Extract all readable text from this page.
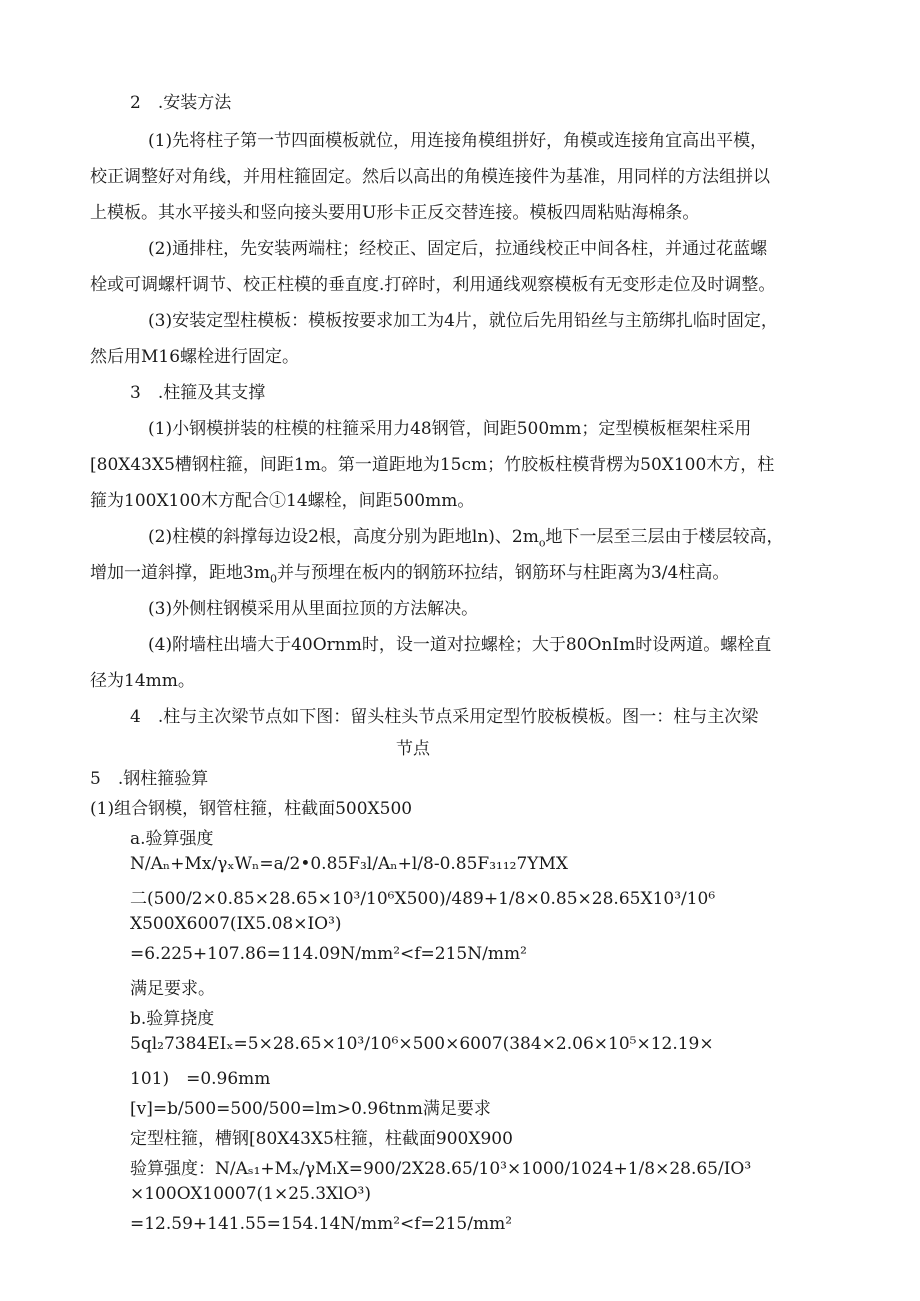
2　.安装方法
(1)先将柱子第一节四面模板就位，用连接角模组拼好，角模或连接角宜高出平模，
校正调整好对角线，并用柱箍固定。然后以高出的角模连接件为基准，用同样的方法组拼以
上模板。其水平接头和竖向接头要用U形卡正反交替连接。模板四周粘贴海棉条。
(2)通排柱，先安装两端柱；经校正、固定后，拉通线校正中间各柱，并通过花蓝螺
栓或可调螺杆调节、校正柱模的垂直度.打碎时，利用通线观察模板有无变形走位及时调整。
(3)安装定型柱模板：模板按要求加工为4片，就位后先用铅丝与主筋绑扎临时固定，
然后用M16螺栓进行固定。
3　.柱箍及其支撑
(1)小钢模拼装的柱模的柱箍采用力48钢管，间距500mm；定型模板框架柱采用
[80X43X5槽钢柱箍，间距1m。第一道距地为15cm；竹胶板柱模背楞为50X100木方，柱
箍为100X100木方配合①14螺栓，间距500mm。
(2)柱模的斜撑每边设2根，高度分别为距地ln)、$2m_o$地下一层至三层由于楼层较高，
增加一道斜撑，距地$3m_0$并与预埋在板内的钢筋环拉结，钢筋环与柱距离为3/4柱高。
(3)外侧柱钢模采用从里面拉顶的方法解决。
(4)附墙柱出墙大于40Ornm时，设一道对拉螺栓；大于80OnIm时设两道。螺栓直
径为14mm。
4　.柱与主次梁节点如下图：留头柱头节点采用定型竹胶板模板。图一：柱与主次梁
节点
5　.钢柱箍验算
(1)组合钢模，钢管柱箍，柱截面500X500
a.验算强度
N/Aₙ+Mx/γₓWₙ=a/2•0.85F₃l/Aₙ+l/8-0.85F₃₁₁₂7YMX
二(500/2×0.85×28.65×10³/10⁶X500)/489+1/8×0.85×28.65X10³/10⁶
X500X6007(IX5.08×IO³)
=6.225+107.86=114.09N/mm²<f=215N/mm²
满足要求。
b.验算挠度
5ql₂7384EIₓ=5×28.65×10³/10⁶×500×6007(384×2.06×10⁵×12.19×
101)　=0.96mm
[v]=b/500=500/500=lm>0.96tnm满足要求
定型柱箍，槽钢[80X43X5柱箍，柱截面900X900
验算强度：N/Aₛ₁+Mₓ/γMₗX=900/2X28.65/10³×1000/1024+1/8×28.65/IO³
×100OX10007(1×25.3XlO³)
=12.59+141.55=154.14N/mm²<f=215/mm²
